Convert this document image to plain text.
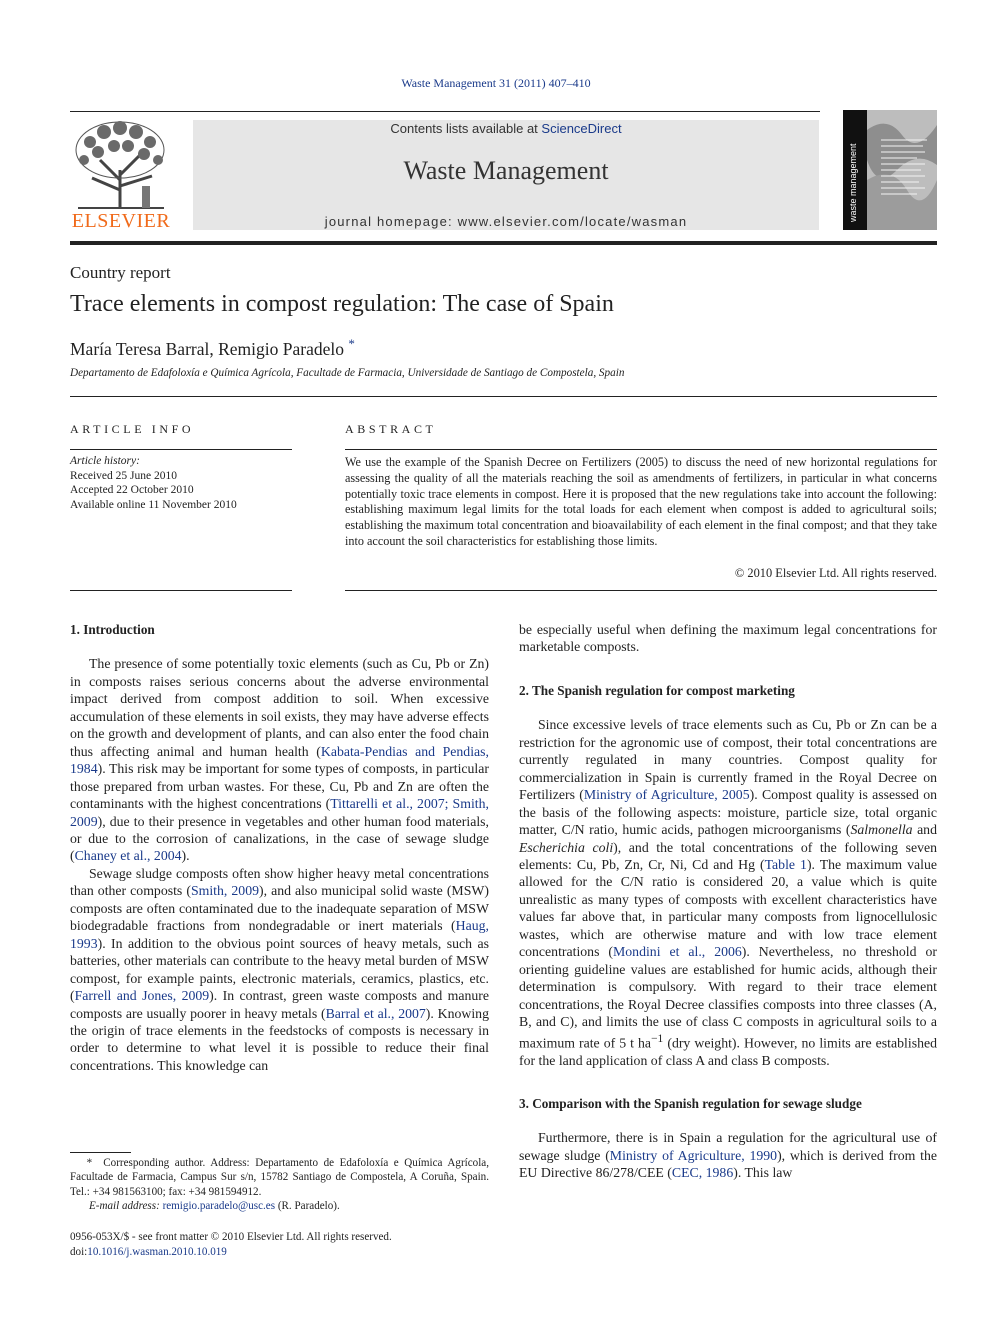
Waste Management 31 (2011) 407–410
ELSEVIER
Contents lists available at ScienceDirect
Waste Management
journal homepage: www.elsevier.com/locate/wasman	waste management
Country report
Trace elements in compost regulation: The case of Spain
María Teresa Barral, Remigio Paradelo *
Departamento de Edafoloxía e Química Agrícola, Facultade de Farmacia, Universidade de Santiago de Compostela, Spain
ARTICLE INFO	ABSTRACT
Article history:
Received 25 June 2010
Accepted 22 October 2010
Available online 11 November 2010
We use the example of the Spanish Decree on Fertilizers (2005) to discuss the need of new horizontal regulations for assessing the quality of all the materials reaching the soil as amendments of fertilizers, in particular in what concerns potentially toxic trace elements in compost. Here it is proposed that the new regulations take into account the following: establishing maximum legal limits for the total loads for each element when compost is added to agricultural soils; establishing the maximum total concentration and bioavailability of each element in the final compost; and that they take into account the soil characteristics for establishing those limits.
© 2010 Elsevier Ltd. All rights reserved.

1. Introduction

The presence of some potentially toxic elements (such as Cu, Pb or Zn) in composts raises serious concerns about the adverse environmental impact derived from compost addition to soil. When excessive accumulation of these elements in soil exists, they may have adverse effects on the growth and development of plants, and can also enter the food chain thus affecting animal and human health (Kabata-Pendias and Pendias, 1984). This risk may be important for some types of composts, in particular those prepared from urban wastes. For these, Cu, Pb and Zn are often the contaminants with the highest concentrations (Tittarelli et al., 2007; Smith, 2009), due to their presence in vegetables and other human food materials, or due to the corrosion of canalizations, in the case of sewage sludge (Chaney et al., 2004).

Sewage sludge composts often show higher heavy metal concentrations than other composts (Smith, 2009), and also municipal solid waste (MSW) composts are often contaminated due to the inadequate separation of MSW biodegradable fractions from nondegradable or inert materials (Haug, 1993). In addition to the obvious point sources of heavy metals, such as batteries, other materials can contribute to the heavy metal burden of MSW compost, for example paints, electronic materials, ceramics, plastics, etc. (Farrell and Jones, 2009). In contrast, green waste composts and manure composts are usually poorer in heavy metals (Barral et al., 2007). Knowing the origin of trace elements in the feedstocks of composts is necessary in order to determine to what level it is possible to reduce their final concentrations. This knowledge can

be especially useful when defining the maximum legal concentrations for marketable composts.

2. The Spanish regulation for compost marketing

Since excessive levels of trace elements such as Cu, Pb or Zn can be a restriction for the agronomic use of compost, their total concentrations are currently regulated in many countries. Compost quality for commercialization in Spain is currently framed in the Royal Decree on Fertilizers (Ministry of Agriculture, 2005). Compost quality is assessed on the basis of the following aspects: moisture, particle size, total organic matter, C/N ratio, humic acids, pathogen microorganisms (Salmonella and Escherichia coli), and the total concentrations of the following seven elements: Cu, Pb, Zn, Cr, Ni, Cd and Hg (Table 1). The maximum value allowed for the C/N ratio is considered 20, a value which is quite unrealistic as many types of composts with excellent characteristics have values far above that, in particular many composts from lignocellulosic wastes, which are otherwise mature and with low trace element concentrations (Mondini et al., 2006). Nevertheless, no threshold or orienting guideline values are established for humic acids, although their determination is compulsory. With regard to their trace element concentrations, the Royal Decree classifies composts into three classes (A, B, and C), and limits the use of class C composts in agricultural soils to a maximum rate of 5 t $ha^{-1}$ (dry weight). However, no limits are established for the land application of class A and class B composts.

3. Comparison with the Spanish regulation for sewage sludge

Furthermore, there is in Spain a regulation for the agricultural use of sewage sludge (Ministry of Agriculture, 1990), which is derived from the EU Directive 86/278/CEE (CEC, 1986). This law

* Corresponding author. Address: Departamento de Edafoloxía e Química Agrícola, Facultade de Farmacia, Campus Sur s/n, 15782 Santiago de Compostela, A Coruña, Spain. Tel.: +34 981563100; fax: +34 981594912.

E-mail address: remigio.paradelo@usc.es (R. Paradelo).

0956-053X/$ - see front matter © 2010 Elsevier Ltd. All rights reserved.
doi:10.1016/j.wasman.2010.10.019
